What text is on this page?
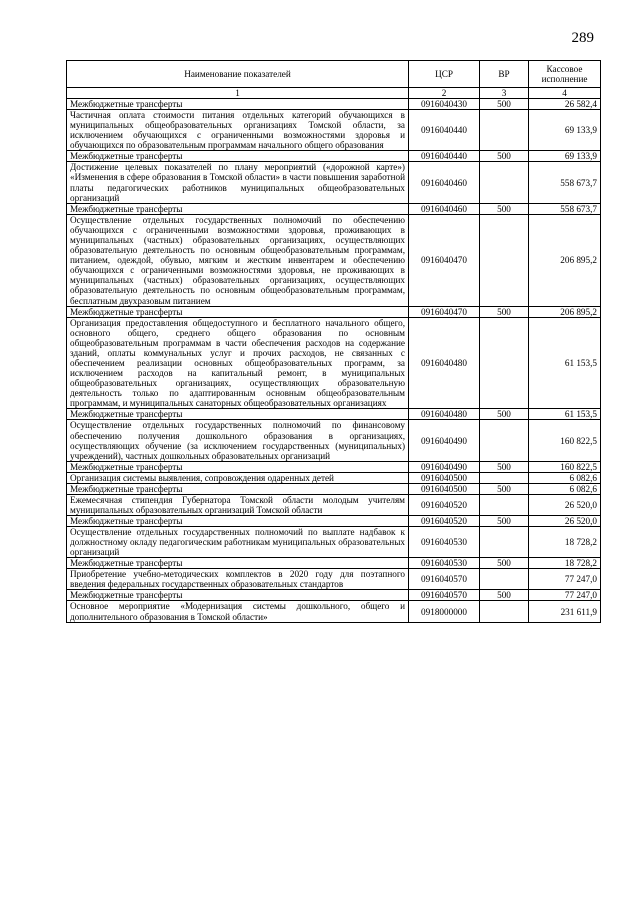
289
Наименование показателей	ЦСР	ВР	Кассовое исполнение
1	2	3	4
Межбюджетные трансферты	0916040430	500	26 582,4
Частичная оплата стоимости питания отдельных категорий обучающихся в муниципальных общеобразовательных организациях Томской области, за исключением обучающихся с ограниченными возможностями здоровья и обучающихся по образовательным программам начального общего образования	0916040440		69 133,9
Межбюджетные трансферты	0916040440	500	69 133,9
Достижение целевых показателей по плану мероприятий («дорожной карте») «Изменения в сфере образования в Томской области» в части повышения заработной платы педагогических работников муниципальных общеобразовательных организаций	0916040460		558 673,7
Межбюджетные трансферты	0916040460	500	558 673,7
Осуществление отдельных государственных полномочий по обеспечению обучающихся с ограниченными возможностями здоровья, проживающих в муниципальных (частных) образовательных организациях, осуществляющих образовательную деятельность по основным общеобразовательным программам, питанием, одеждой, обувью, мягким и жестким инвентарем и обеспечению обучающихся с ограниченными возможностями здоровья, не проживающих в муниципальных (частных) образовательных организациях, осуществляющих образовательную деятельность по основным общеобразовательным программам, бесплатным двухразовым питанием	0916040470		206 895,2
Межбюджетные трансферты	0916040470	500	206 895,2
Организация предоставления общедоступного и бесплатного начального общего, основного общего, среднего общего образования по основным общеобразовательным программам в части обеспечения расходов на содержание зданий, оплаты коммунальных услуг и прочих расходов, не связанных с обеспечением реализации основных общеобразовательных программ, за исключением расходов на капитальный ремонт, в муниципальных общеобразовательных организациях, осуществляющих образовательную деятельность только по адаптированным основным общеобразовательным программам, и муниципальных санаторных общеобразовательных организациях	0916040480		61 153,5
Межбюджетные трансферты	0916040480	500	61 153,5
Осуществление отдельных государственных полномочий по финансовому обеспечению получения дошкольного образования в организациях, осуществляющих обучение (за исключением государственных (муниципальных) учреждений), частных дошкольных образовательных организаций	0916040490		160 822,5
Межбюджетные трансферты	0916040490	500	160 822,5
Организация системы выявления, сопровождения одаренных детей	0916040500		6 082,6
Межбюджетные трансферты	0916040500	500	6 082,6
Ежемесячная стипендия Губернатора Томской области молодым учителям муниципальных образовательных организаций Томской области	0916040520		26 520,0
Межбюджетные трансферты	0916040520	500	26 520,0
Осуществление отдельных государственных полномочий по выплате надбавок к должностному окладу педагогическим работникам муниципальных образовательных организаций	0916040530		18 728,2
Межбюджетные трансферты	0916040530	500	18 728,2
Приобретение учебно-методических комплектов в 2020 году для поэтапного введения федеральных государственных образовательных стандартов	0916040570		77 247,0
Межбюджетные трансферты	0916040570	500	77 247,0
Основное мероприятие «Модернизация системы дошкольного, общего и дополнительного образования в Томской области»	0918000000		231 611,9
